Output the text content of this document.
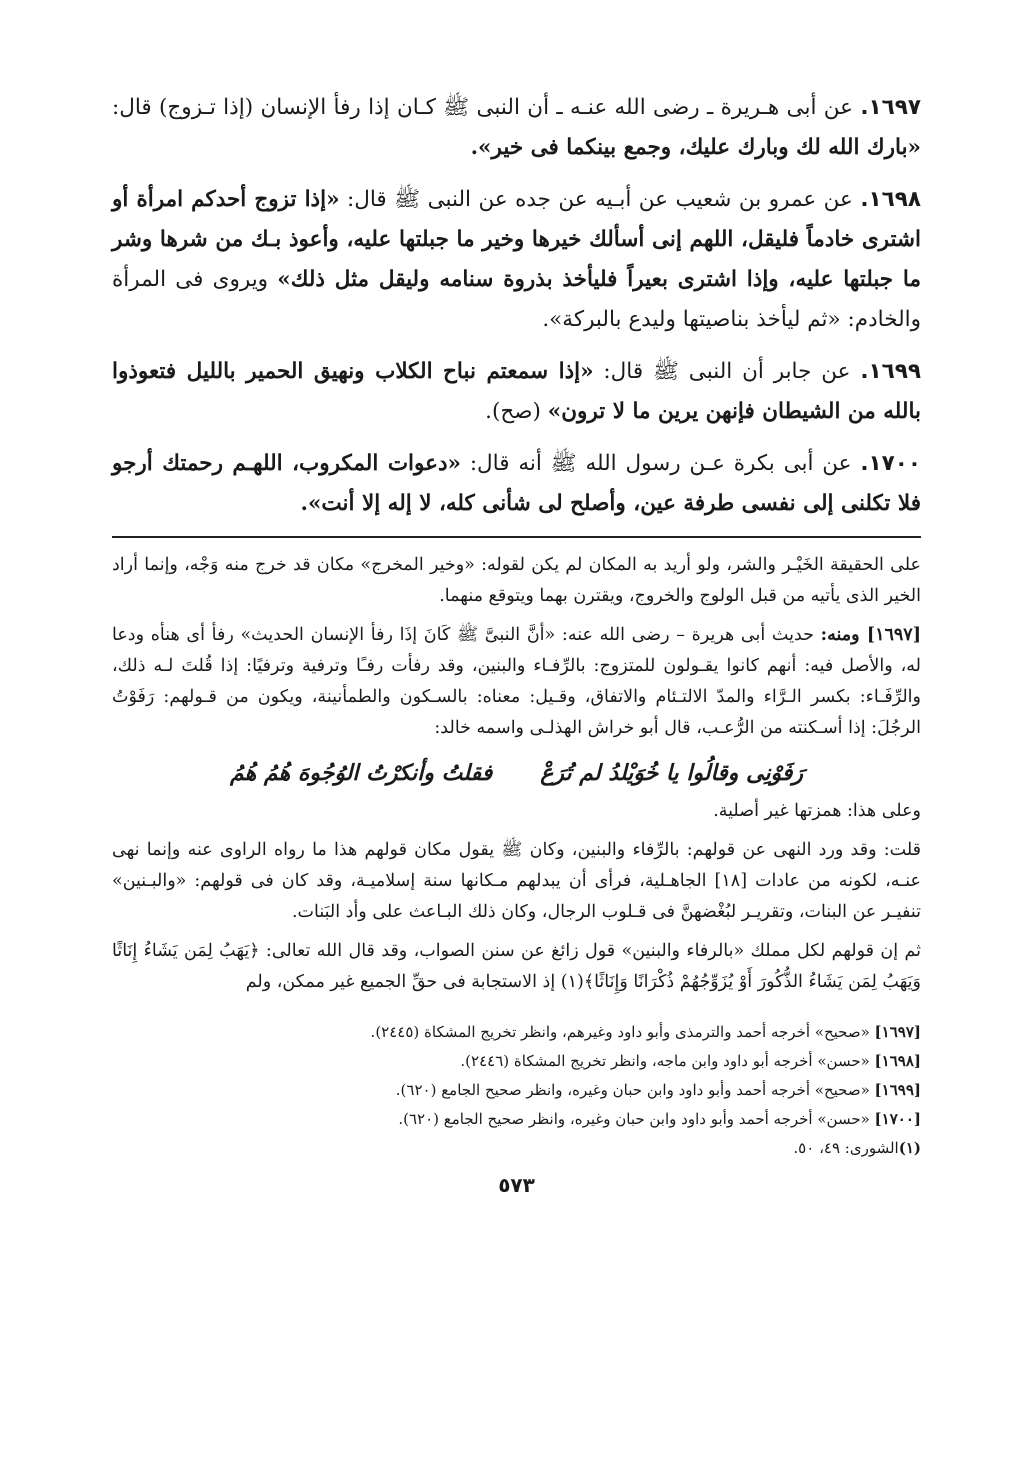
١٦٩٧. عن أبى هـريرة ـ رضى الله عنـه ـ أن النبى ﷺ كـان إذا رفأ الإنسان (إذا تـزوج) قال: «بارك الله لك وبارك عليك، وجمع بينكما فى خير».

١٦٩٨. عن عمرو بن شعيب عن أبـيه عن جده عن النبى ﷺ قال: «إذا تزوج أحدكم امرأة أو اشترى خادماً فليقل، اللهم إنى أسألك خيرها وخير ما جبلتها عليه، وأعوذ بـك من شرها وشر ما جبلتها عليه، وإذا اشترى بعيراً فليأخذ بذروة سنامه وليقل مثل ذلك» ويروى فى المرأة والخادم: «ثم ليأخذ بناصيتها وليدع بالبركة».

١٦٩٩. عن جابر أن النبى ﷺ قال: «إذا سمعتم نباح الكلاب ونهيق الحمير بالليل فتعوذوا بالله من الشيطان فإنهن يرين ما لا ترون» (صح).

١٧٠٠. عن أبى بكرة عـن رسول الله ﷺ أنه قال: «دعوات المكروب، اللهـم رحمتك أرجو فلا تكلنى إلى نفسى طرفة عين، وأصلح لى شأنى كله، لا إله إلا أنت».

على الحقيقة الخَيْـر والشر، ولو أريد به المكان لم يكن لقوله: «وخير المخرج» مكان قد خرج منه وَجْه، وإنما أراد الخير الذى يأتيه من قبل الولوج والخروج، ويقترن بهما ويتوقع منهما.

[١٦٩٧] ومنه: حديث أبى هريرة – رضى الله عنه: «أنَّ النبىَّ ﷺ كَانَ إذَا رفأ الإنسان الحديث» رفأ أى هنأه ودعا له، والأصل فيه: أنهم كانوا يقـولون للمتزوج: بالرِّفـاء والبنين، وقد رفأت رفـًا وترفية وترفيًا: إذا قُلتَ لـه ذلك، والرِّفَـاء: بكسر الـرَّاء والمدّ الالتـئام والاتفاق، وقـيل: معناه: بالسـكون والطمأنينة، ويكون من قـولهم: رَفَوْتُ الرجُلَ: إذا أسـكنته من الرُّعـب، قال أبو خراش الهذلـى واسمه خالد:

رَفَوْنِى وقالُوا يا خُوَيْلدُ لم تُرَعْ
فقلتُ وأنكرْتُ الوُجُوهَ هُمُ هُمُ

وعلى هذا: همزتها غير أصلية.

قلت: وقد ورد النهى عن قولهم: بالرِّفاء والبنين، وكان ﷺ يقول مكان قولهم هذا ما رواه الراوى عنه وإنما نهى عنـه، لكونه من عادات [١٨] الجاهـلية، فرأى أن يبدلهم مـكانها سنة إسلاميـة، وقد كان فى قولهم: «والبـنين» تنفيـر عن البنات، وتقريـر لبُغْضهنَّ فى قـلوب الرجال، وكان ذلك البـاعث على وأد البَنات.

ثم إن قولهم لكل مملك «بالرفاء والبنين» قول زائغ عن سنن الصواب، وقد قال الله تعالى: ﴿يَهَبُ لِمَن يَشَاءُ إِنَاثًا وَيَهَبُ لِمَن يَشَاءُ الذُّكُورَ أَوْ يُزَوِّجُهُمْ ذُكْرَانًا وَإِنَاثًا﴾(١) إذ الاستجابة فى حقِّ الجميع غير ممكن، ولم

[١٦٩٧] «صحيح» أخرجه أحمد والترمذى وأبو داود وغيرهم، وانظر تخريج المشكاة (٢٤٤٥).

[١٦٩٨] «حسن» أخرجه أبو داود وابن ماجه، وانظر تخريج المشكاة (٢٤٤٦).

[١٦٩٩] «صحيح» أخرجه أحمد وأبو داود وابن حبان وغيره، وانظر صحيح الجامع (٦٢٠).

[١٧٠٠] «حسن» أخرجه أحمد وأبو داود وابن حبان وغيره، وانظر صحيح الجامع (٦٢٠).

(١)الشورى: ٤٩، ٥٠.

٥٧٣
